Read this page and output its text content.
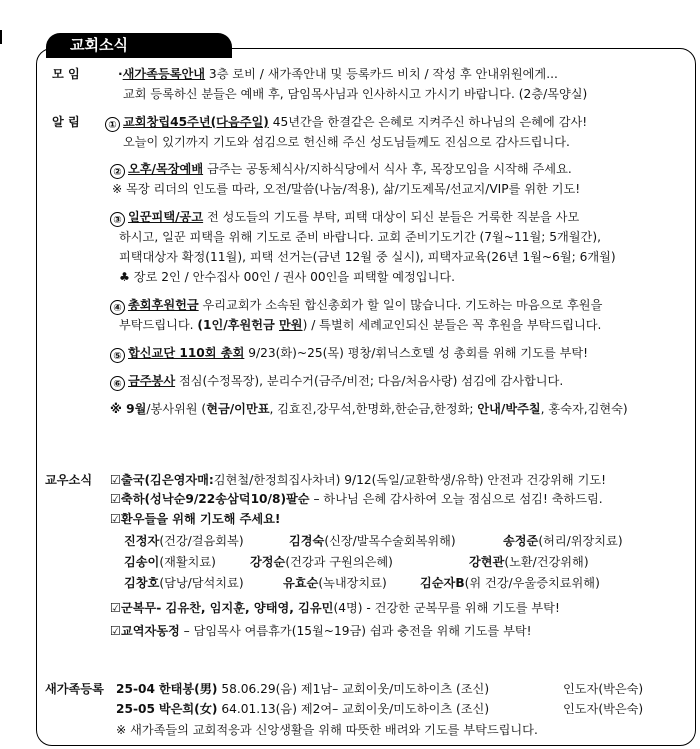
교회소식
모 임	·새가족등록안내 3층 로비 / 새가족안내 및 등록카드 비치 / 작성 후 안내위원에게...
교회 등록하신 분들은 예배 후, 담임목사님과 인사하시고 가시기 바랍니다. (2층/목양실)
알 림	① 교회창립45주년(다음주일) 45년간을 한결같은 은혜로 지켜주신 하나님의 은혜에 감사!
오늘이 있기까지 기도와 섬김으로 헌신해 주신 성도님들께도 진심으로 감사드립니다.
② 오후/목장예배 금주는 공동체식사/지하식당에서 식사 후, 목장모임을 시작해 주세요.
※ 목장 리더의 인도를 따라, 오전/말씀(나눔/적용), 삶/기도제목/선교지/VIP를 위한 기도!
③ 일꾼피택/공고 전 성도들의 기도를 부탁, 피택 대상이 되신 분들은 거룩한 직분을 사모
하시고, 일꾼 피택을 위해 기도로 준비 바랍니다. 교회 준비기도기간 (7월~11월; 5개월간),
피택대상자 확정(11월), 피택 선거는(금년 12월 중 실시), 피택자교육(26년 1월~6월; 6개월)
♣ 장로 2인 / 안수집사 00인 / 권사 00인을 피택할 예정입니다.
④ 총회후원헌금 우리교회가 소속된 합신총회가 할 일이 많습니다. 기도하는 마음으로 후원을
부탁드립니다. (1인/후원헌금 만원) / 특별히 세례교인되신 분들은 꼭 후원을 부탁드립니다.
⑤ 합신교단 110회 총회 9/23(화)~25(목) 평창/휘닉스호텔 성 총회를 위해 기도를 부탁!
⑥ 금주봉사 점심(수정목장), 분리수거(금주/비전; 다음/처음사랑) 섬김에 감사합니다.
※ 9월/봉사위원 (현금/이만표, 김효진,강무석,한명화,한순금,한정화; 안내/박주칠, 홍숙자,김현숙)
교우소식 ☑출국(김은영자매:김현철/한정희집사차녀) 9/12(독일/교환학생/유학) 안전과 건강위해 기도!
☑축하(성낙순9/22송삼덕10/8)팔순 – 하나님 은혜 감사하여 오늘 점심으로 섬김! 축하드림.
☑환우들을 위해 기도해 주세요!
진정자(건강/걸음회복)	김경숙(신장/발목수술회복위해)	송정준(허리/위장치료)
김송이(재활치료)	강정순(건강과 구원의은혜)	강현관(노환/건강위해)
김창호(담낭/담석치료)	유효순(녹내장치료)	김순자B(위 건강/우울증치료위해)
☑군복무- 김유찬, 임지훈, 양태영, 김유민(4명) - 건강한 군복무를 위해 기도를 부탁!
☑교역자동정 – 담임목사 여름휴가(15월~19금) 쉼과 충전을 위해 기도를 부탁!
새가족등록 25-04 한태봉(男) 58.06.29(음) 제1남– 교회이웃/미도하이츠 (조신)	인도자(박은숙)
25-05 박은희(女) 64.01.13(음) 제2여– 교회이웃/미도하이츠 (조신)	인도자(박은숙)
※ 새가족들의 교회적응과 신앙생활을 위해 따뜻한 배려와 기도를 부탁드립니다.
